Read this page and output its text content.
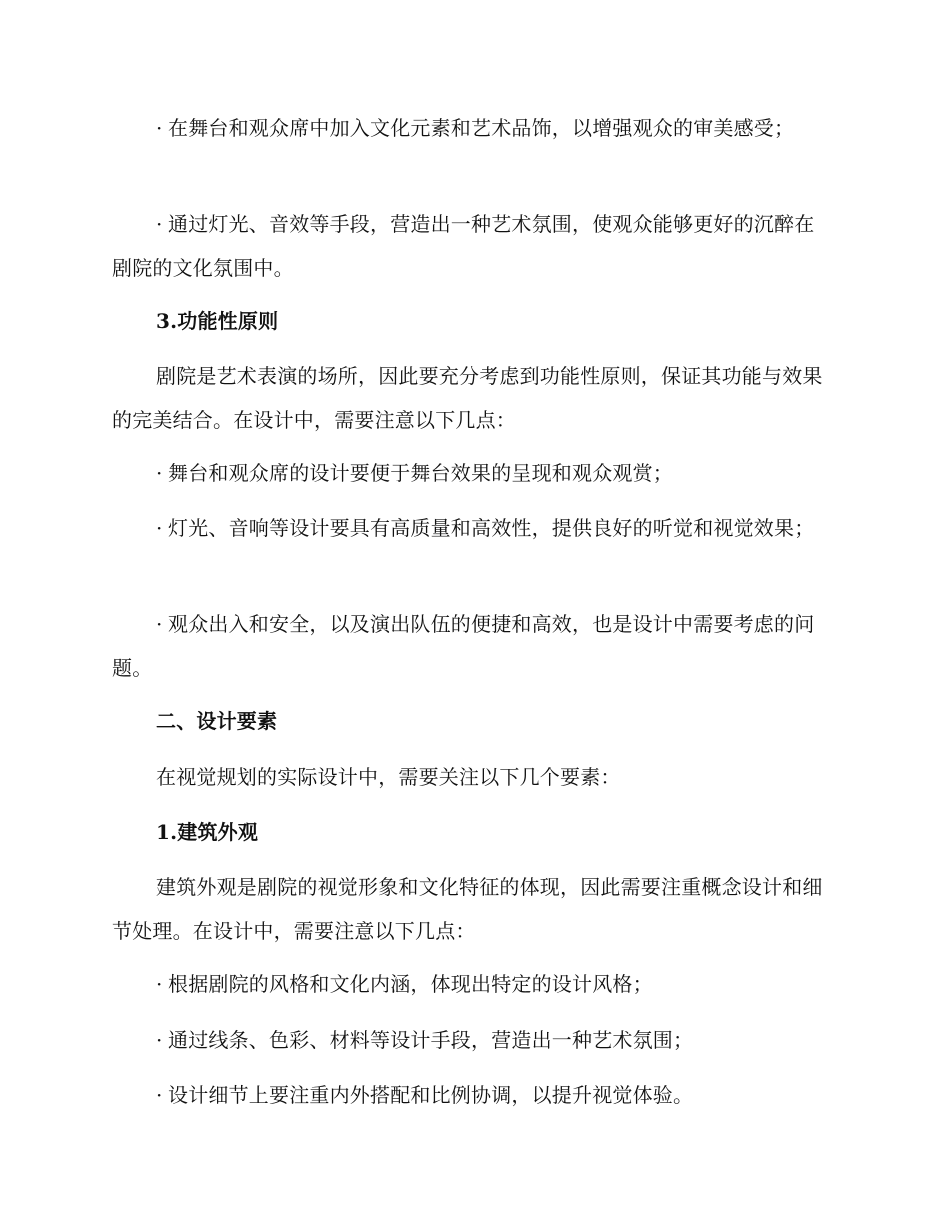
· 在舞台和观众席中加入文化元素和艺术品饰，以增强观众的审美感受；
· 通过灯光、音效等手段，营造出一种艺术氛围，使观众能够更好的沉醉在剧院的文化氛围中。
3.功能性原则
剧院是艺术表演的场所，因此要充分考虑到功能性原则，保证其功能与效果的完美结合。在设计中，需要注意以下几点：
· 舞台和观众席的设计要便于舞台效果的呈现和观众观赏；
· 灯光、音响等设计要具有高质量和高效性，提供良好的听觉和视觉效果；
· 观众出入和安全，以及演出队伍的便捷和高效，也是设计中需要考虑的问题。
二、设计要素
在视觉规划的实际设计中，需要关注以下几个要素：
1.建筑外观
建筑外观是剧院的视觉形象和文化特征的体现，因此需要注重概念设计和细节处理。在设计中，需要注意以下几点：
· 根据剧院的风格和文化内涵，体现出特定的设计风格；
· 通过线条、色彩、材料等设计手段，营造出一种艺术氛围；
· 设计细节上要注重内外搭配和比例协调，以提升视觉体验。
